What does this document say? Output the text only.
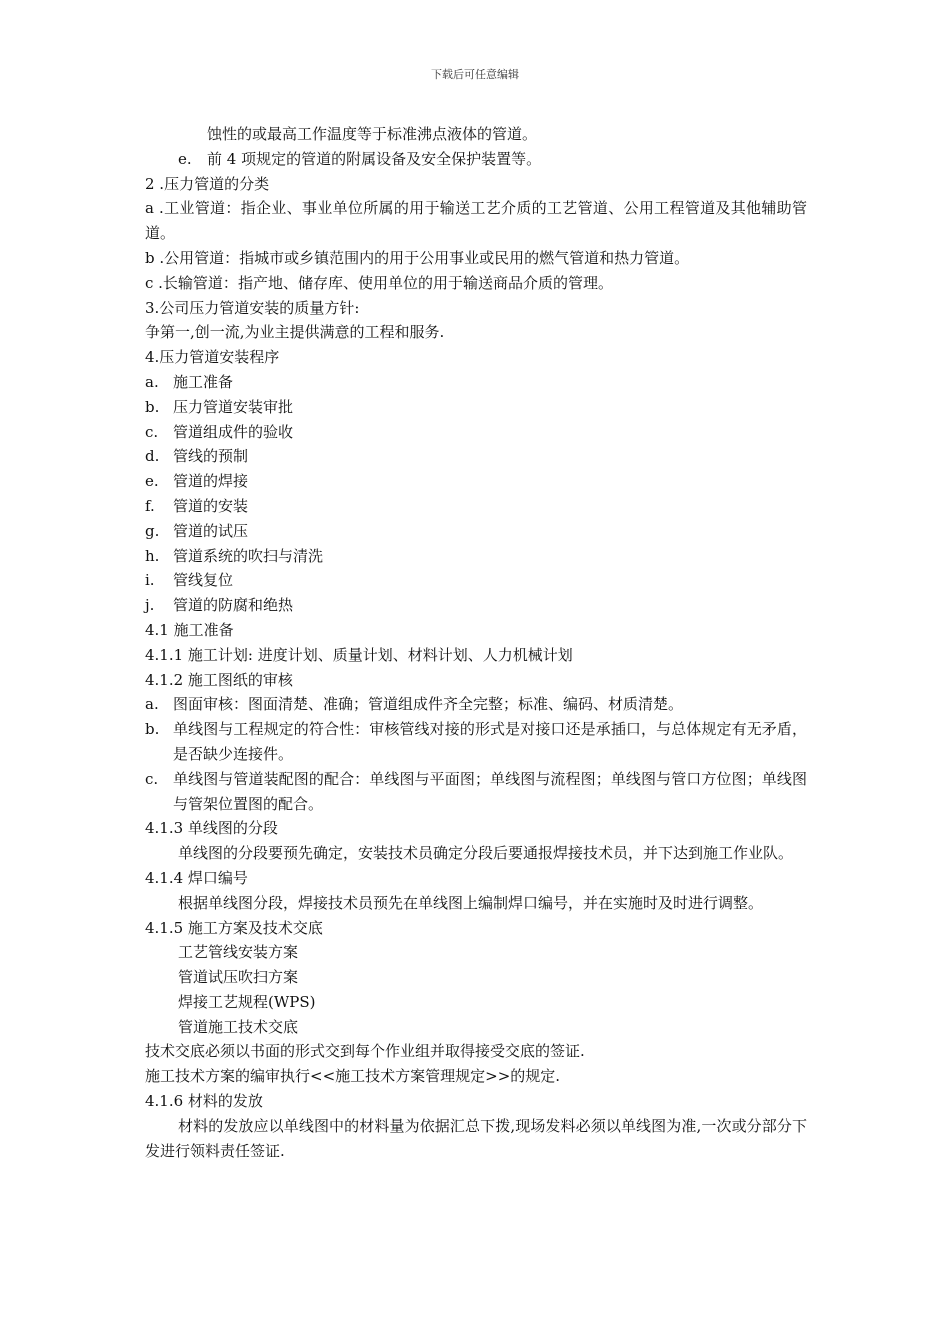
下载后可任意编辑

蚀性的或最高工作温度等于标准沸点液体的管道。

e. 前 4 项规定的管道的附属设备及安全保护装置等。

2 .压力管道的分类

a .工业管道：指企业、事业单位所属的用于输送工艺介质的工艺管道、公用工程管道及其他辅助管道。

b .公用管道：指城市或乡镇范围内的用于公用事业或民用的燃气管道和热力管道。

c .长输管道：指产地、储存库、使用单位的用于输送商品介质的管理。

3.公司压力管道安装的质量方针:

争第一,创一流,为业主提供满意的工程和服务.

4.压力管道安装程序

a. 施工准备
b. 压力管道安装审批
c. 管道组成件的验收
d. 管线的预制
e. 管道的焊接
f.	管道的安装
g. 管道的试压
h. 管道系统的吹扫与清洗
i.	管线复位
j.	管道的防腐和绝热

4.1 施工准备

4.1.1 施工计划: 进度计划、质量计划、材料计划、人力机械计划

4.1.2 施工图纸的审核

a. 图面审核：图面清楚、准确；管道组成件齐全完整；标准、编码、材质清楚。
b. 单线图与工程规定的符合性：审核管线对接的形式是对接口还是承插口，与总体规定有无矛盾，是否缺少连接件。
c. 单线图与管道装配图的配合：单线图与平面图；单线图与流程图；单线图与管口方位图；单线图与管架位置图的配合。

4.1.3 单线图的分段

单线图的分段要预先确定，安装技术员确定分段后要通报焊接技术员，并下达到施工作业队。

4.1.4 焊口编号

根据单线图分段，焊接技术员预先在单线图上编制焊口编号，并在实施时及时进行调整。

4.1.5 施工方案及技术交底

工艺管线安装方案

管道试压吹扫方案

焊接工艺规程(WPS)

管道施工技术交底

技术交底必须以书面的形式交到每个作业组并取得接受交底的签证.

施工技术方案的编审执行<<施工技术方案管理规定>>的规定.

4.1.6 材料的发放

材料的发放应以单线图中的材料量为依据汇总下拨,现场发料必须以单线图为准,一次或分部分下发进行领料责任签证.
